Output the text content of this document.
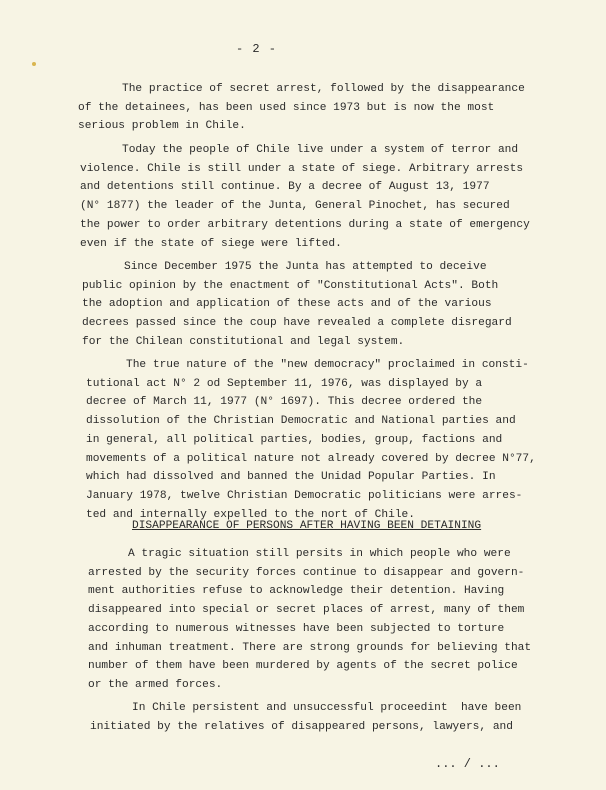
- 2 -
The practice of secret arrest, followed by the disappearance
of the detainees, has been used since 1973 but is now the most
serious problem in Chile.
Today the people of Chile live under a system of terror and
violence. Chile is still under a state of siege. Arbitrary arrests
and detentions still continue. By a decree of August 13, 1977
(N° 1877) the leader of the Junta, General Pinochet, has secured
the power to order arbitrary detentions during a state of emergency
even if the state of siege were lifted.
Since December 1975 the Junta has attempted to deceive
public opinion by the enactment of "Constitutional Acts". Both
the adoption and application of these acts and of the various
decrees passed since the coup have revealed a complete disregard
for the Chilean constitutional and legal system.
The true nature of the "new democracy" proclaimed in consti-
tutional act N° 2 od September 11, 1976, was displayed by a
decree of March 11, 1977 (N° 1697). This decree ordered the
dissolution of the Christian Democratic and National parties and
in general, all political parties, bodies, group, factions and
movements of a political nature not already covered by decree N°77,
which had dissolved and banned the Unidad Popular Parties. In
January 1978, twelve Christian Democratic politicians were arres-
ted and internally expelled to the nort of Chile.
DISAPPEARANCE OF PERSONS AFTER HAVING BEEN DETAINING
A tragic situation still persits in which people who were
arrested by the security forces continue to disappear and govern-
ment authorities refuse to acknowledge their detention. Having
disappeared into special or secret places of arrest, many of them
according to numerous witnesses have been subjected to torture
and inhuman treatment. There are strong grounds for believing that
number of them have been murdered by agents of the secret police
or the armed forces.
In Chile persistent and unsuccessful proceedint  have been
initiated by the relatives of disappeared persons, lawyers, and
... / ...
